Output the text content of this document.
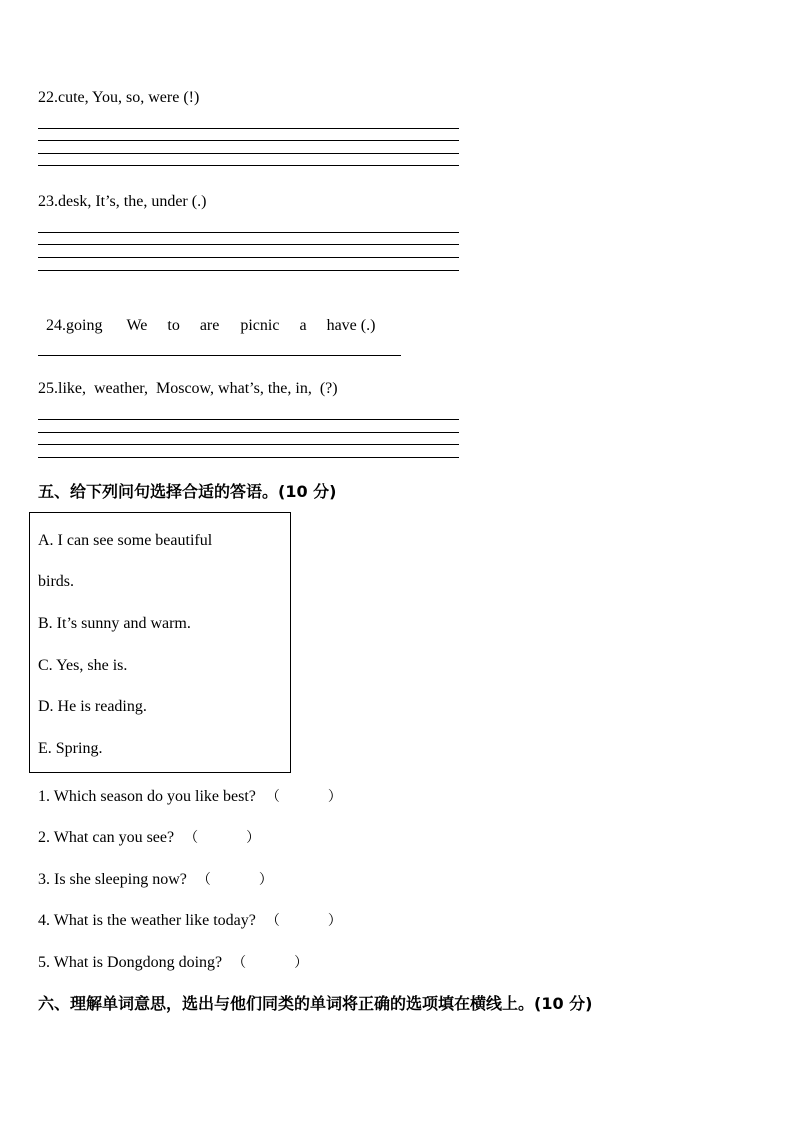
22.cute, You, so, were (!)
23.desk, It’s, the, under (.)

24.going We to are picnic a have (.)

25.like,  weather,  Moscow, what’s, the, in,  (?)
五、给下列问句选择合适的答语。(10 分)
A. I can see some beautiful
birds.
B. It’s sunny and warm.
C. Yes, she is.
D. He is reading.
E. Spring.
1. Which season do you like best? （	）
2. What can you see? （	）
3. Is she sleeping now? （	）
4. What is the weather like today? （	）
5. What is Dongdong doing? （	）
六、理解单词意思，选出与他们同类的单词将正确的选项填在横线上。(10 分)
